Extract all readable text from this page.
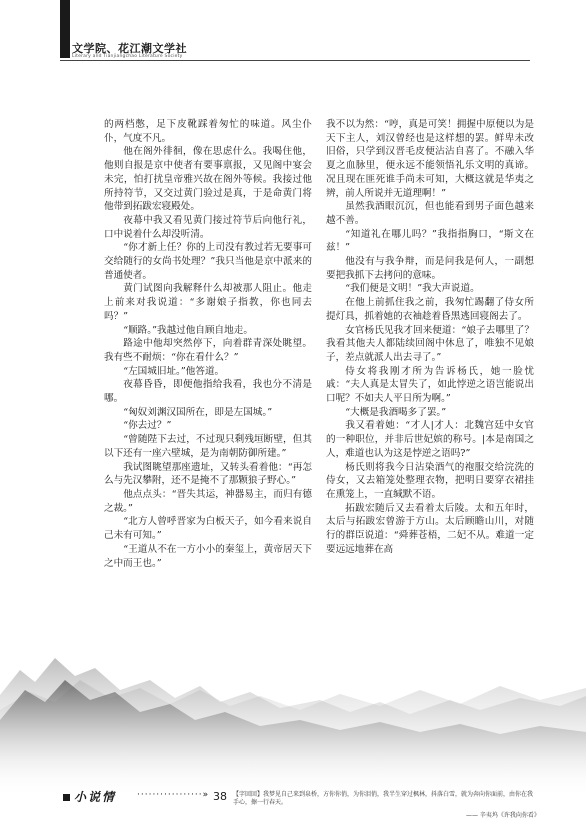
文学院、花江潮文学社
Literary and Tianjiangchao Literature Society

的两档憋，足下皮靴踩着匆忙的味道。风尘仆仆，气度不凡。

他在阁外徘徊，像在思虑什么。我喝住他，他则自报是京中使者有要事禀报，又见阁中宴会未完，怕打扰皇帝雅兴故在阁外等候。我接过他所持符节，又交过黄门验过是真，于是命黄门将他带到拓跋宏寝殿处。

夜幕中我又看见黄门接过符节后向他行礼，口中说着什么却没听清。

“你才新上任？你的上司没有教过若无要事可交给随行的女尚书处理？”我只当他是京中派来的普通使者。

黄门试图向我解释什么却被那人阻止。他走上前来对我说道：“多谢娘子指教，你也同去吗？”

“顺路。”我越过他自顾自地走。

路途中他却突然停下，向着群青深处眺望。我有些不耐烦：“你在看什么？”

“左国城旧址。”他答道。

夜幕昏昏，即便他指给我看，我也分不清是哪。

“匈奴刘渊汉国所在，即是左国城。”

“你去过？”

“曾随陛下去过，不过现只剩残垣断壁，但其以下还有一座六壁城，是为南朝防御所建。”

我试图眺望那座遗址，又转头看着他：“再怎么与先汉攀附，还不是掩不了那颗狼子野心。”

他点点头：“晋失其运，神器易主，而归有德之裁。”

“北方人曾呼晋家为白板天子，如今看来说自己未有可知。”

“王道从不在一方小小的秦玺上，黄帝居天下之中而王也。”

我不以为然：“哼，真是可笑！拥握中原便以为是天下主人，刘汉曾经也是这样想的罢。鲜卑未改旧俗，只学到汉晋毛皮便沾沾自喜了。不融入华夏之血脉里，便永远不能领悟礼乐文明的真谛。况且现在匪死谁手尚未可知，大概这就是华夷之辨，前人所说并无道理啊！”

虽然我酒眼沉沉，但也能看到男子面色越来越不善。

“知道礼在哪儿吗？”我指指胸口，“斯文在兹！”

他没有与我争辩，而是问我是何人，一副想要把我抓下去拷问的意味。

“我们便是文明！”我大声说道。

在他上前抓住我之前，我匆忙踢翻了侍女所提灯具，抓着她的衣袖趁着昏黑逃回寝阁去了。

女官杨氏见我才回来便道：“娘子去哪里了？我看其他夫人都陆续回阁中休息了，唯独不见娘子，差点就派人出去寻了。”

侍女将我刚才所为告诉杨氏，她一脸忧戚：“夫人真是太冒失了，如此悖逆之语岂能说出口呢？不如夫人平日所为啊。”

“大概是我酒喝多了罢。”

我又看着她：“才人|才人：北魏宫廷中女官的一种职位，并非后世妃嫔的称号。|本是南国之人，难道也认为这是悖逆之语吗?”

杨氏则将我今日沾染酒气的袍服交给浣洗的侍女，又去箱笼处整理衣物，把明日要穿衣裙挂在熏笼上，一直缄默不语。

拓跋宏随后又去看着太后陵。太和五年时，太后与拓跋宏曾游于方山。太后顾瞻山川，对随行的群臣说道：“舜葬苍梧，二妃不从。难道一定要远远地葬在高

小说情 ·················» 38 【字回回】我梦见自己来到泉桥，方你你俏，为你泪俏，我半生穿过枫林，抖落白雪，就为奔向你面前，由你在我手心，擦一行春天。
—— 辛夷坞《许我向你看》
